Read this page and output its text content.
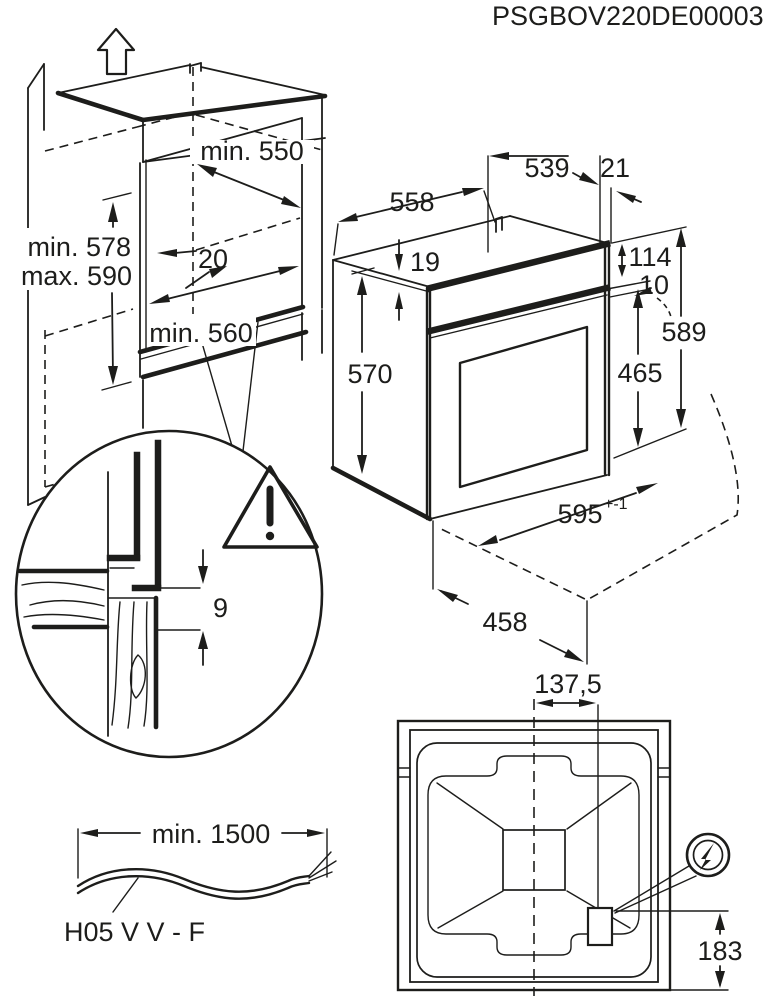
min. 550
min. 578
max. 590
20
min. 560
558
539 21
19
570
114
10
589
465
595 +-1
458
9
min. 1500
H05 V V - F
137,5
183
PSGBOV220DE00003
